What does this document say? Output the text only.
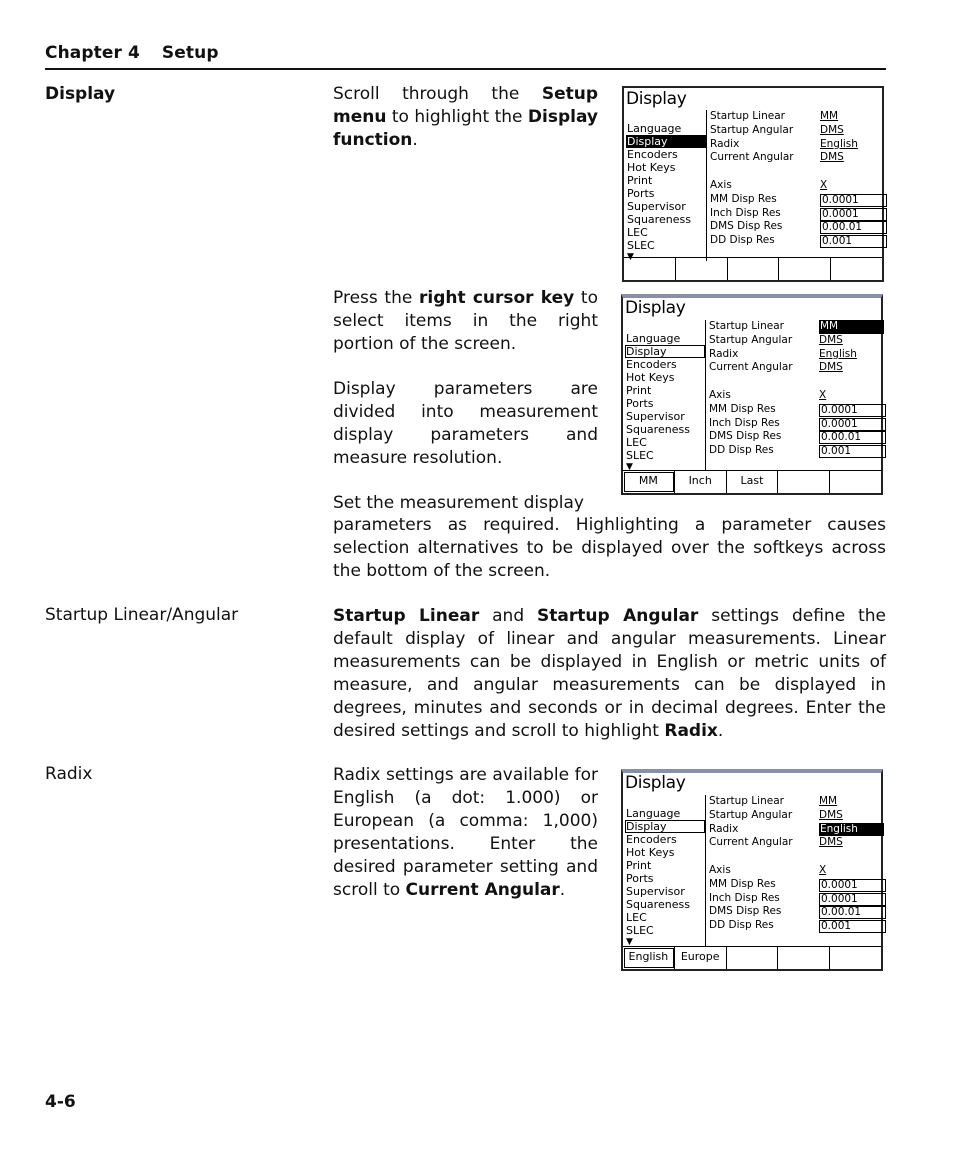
Chapter 4 Setup
Display
Startup Linear/Angular
Radix
Scroll through the Setup menu to highlight the Display function.
Press the right cursor key to select items in the right portion of the screen.
Display parameters are divided into measurement display parameters and measure resolution.
Set the measurement display
parameters as required. Highlighting a parameter causes selection alternatives to be displayed over the softkeys across the bottom of the screen.
Startup Linear and Startup Angular settings define the default display of linear and angular measurements. Linear measurements can be displayed in English or metric units of measure, and angular measurements can be displayed in degrees, minutes and seconds or in decimal degrees. Enter the desired settings and scroll to highlight Radix.
Radix settings are available for English (a dot: 1.000) or European (a comma: 1,000) presentations. Enter the desired parameter setting and scroll to Current Angular.
Display
Language
Display
Encoders
Hot Keys
Print
Ports
Supervisor
Squareness
LEC
SLEC
▼
Startup Linear	MM
Startup Angular	DMS
Radix	English
Current Angular	DMS
Axis	X
MM Disp Res	0.0001
Inch Disp Res	0.0001
DMS Disp Res	0.00.01
DD Disp Res	0.001
Display
Language
Display
Encoders
Hot Keys
Print
Ports
Supervisor
Squareness
LEC
SLEC
▼
Startup Linear	MM
Startup Angular	DMS
Radix	English
Current Angular	DMS
Axis	X
MM Disp Res	0.0001
Inch Disp Res	0.0001
DMS Disp Res	0.00.01
DD Disp Res	0.001
MM	Inch	Last
Display
Language
Display
Encoders
Hot Keys
Print
Ports
Supervisor
Squareness
LEC
SLEC
▼
Startup Linear	MM
Startup Angular	DMS
Radix	English
Current Angular	DMS
Axis	X
MM Disp Res	0.0001
Inch Disp Res	0.0001
DMS Disp Res	0.00.01
DD Disp Res	0.001
English	Europe
4-6
